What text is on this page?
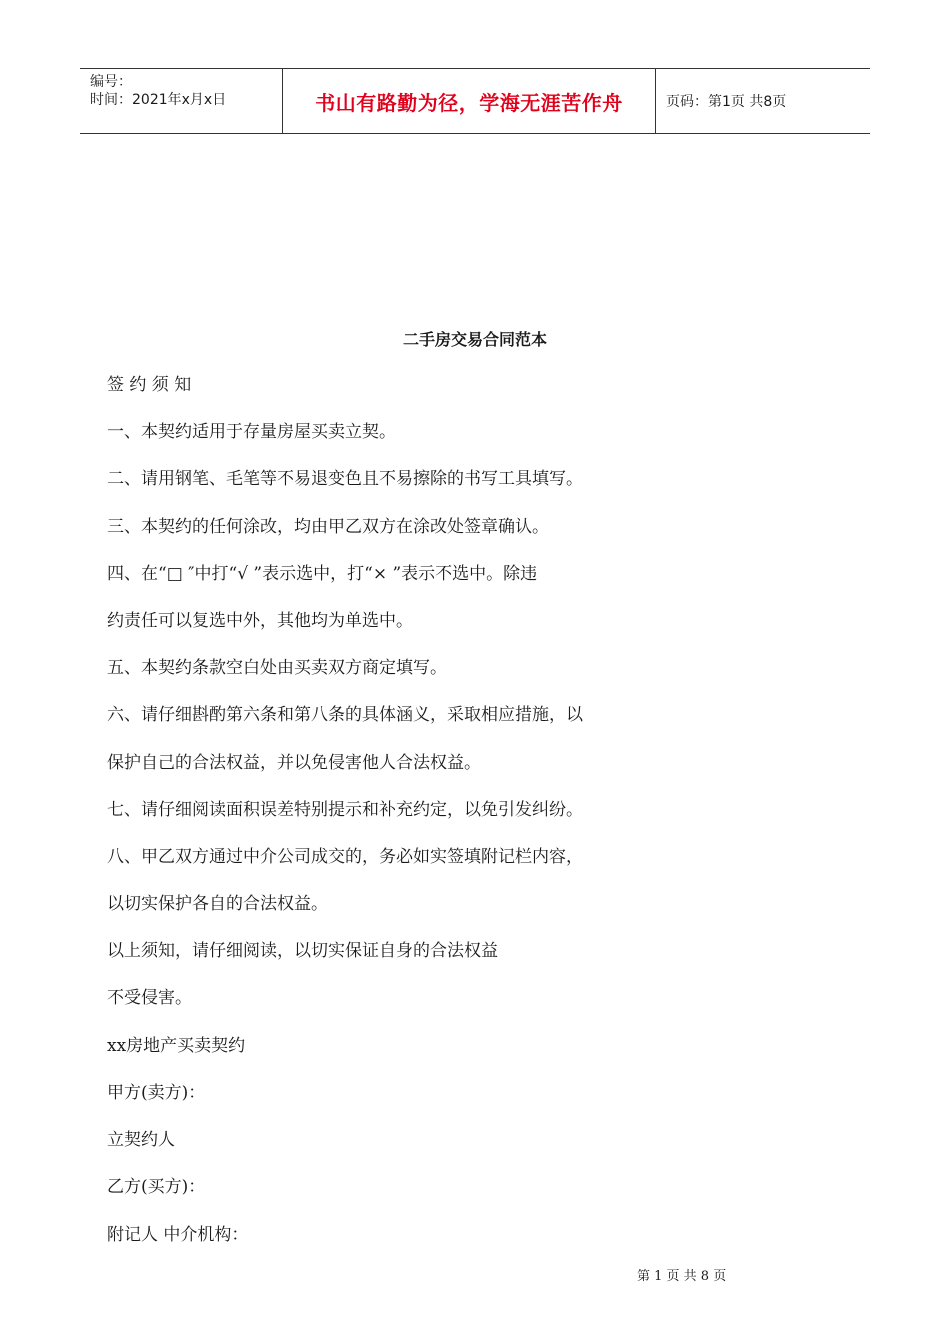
编号：
时间：2021年x月x日	书山有路勤为径，学海无涯苦作舟	页码：第1页 共8页
二手房交易合同范本
签 约 须 知
一、本契约适用于存量房屋买卖立契。
二、请用钢笔、毛笔等不易退变色且不易擦除的书写工具填写。
三、本契约的任何涂改，均由甲乙双方在涂改处签章确认。
四、在“□ ″中打“√ ”表示选中，打“× ”表示不选中。除违
约责任可以复选中外，其他均为单选中。
五、本契约条款空白处由买卖双方商定填写。
六、请仔细斟酌第六条和第八条的具体涵义，采取相应措施，以
保护自己的合法权益，并以免侵害他人合法权益。
七、请仔细阅读面积误差特别提示和补充约定，以免引发纠纷。
八、甲乙双方通过中介公司成交的，务必如实签填附记栏内容，
以切实保护各自的合法权益。
以上须知，请仔细阅读，以切实保证自身的合法权益
不受侵害。
xx房地产买卖契约
甲方(卖方)：
立契约人
乙方(买方)：
附记人 中介机构：
第 1 页 共 8 页
